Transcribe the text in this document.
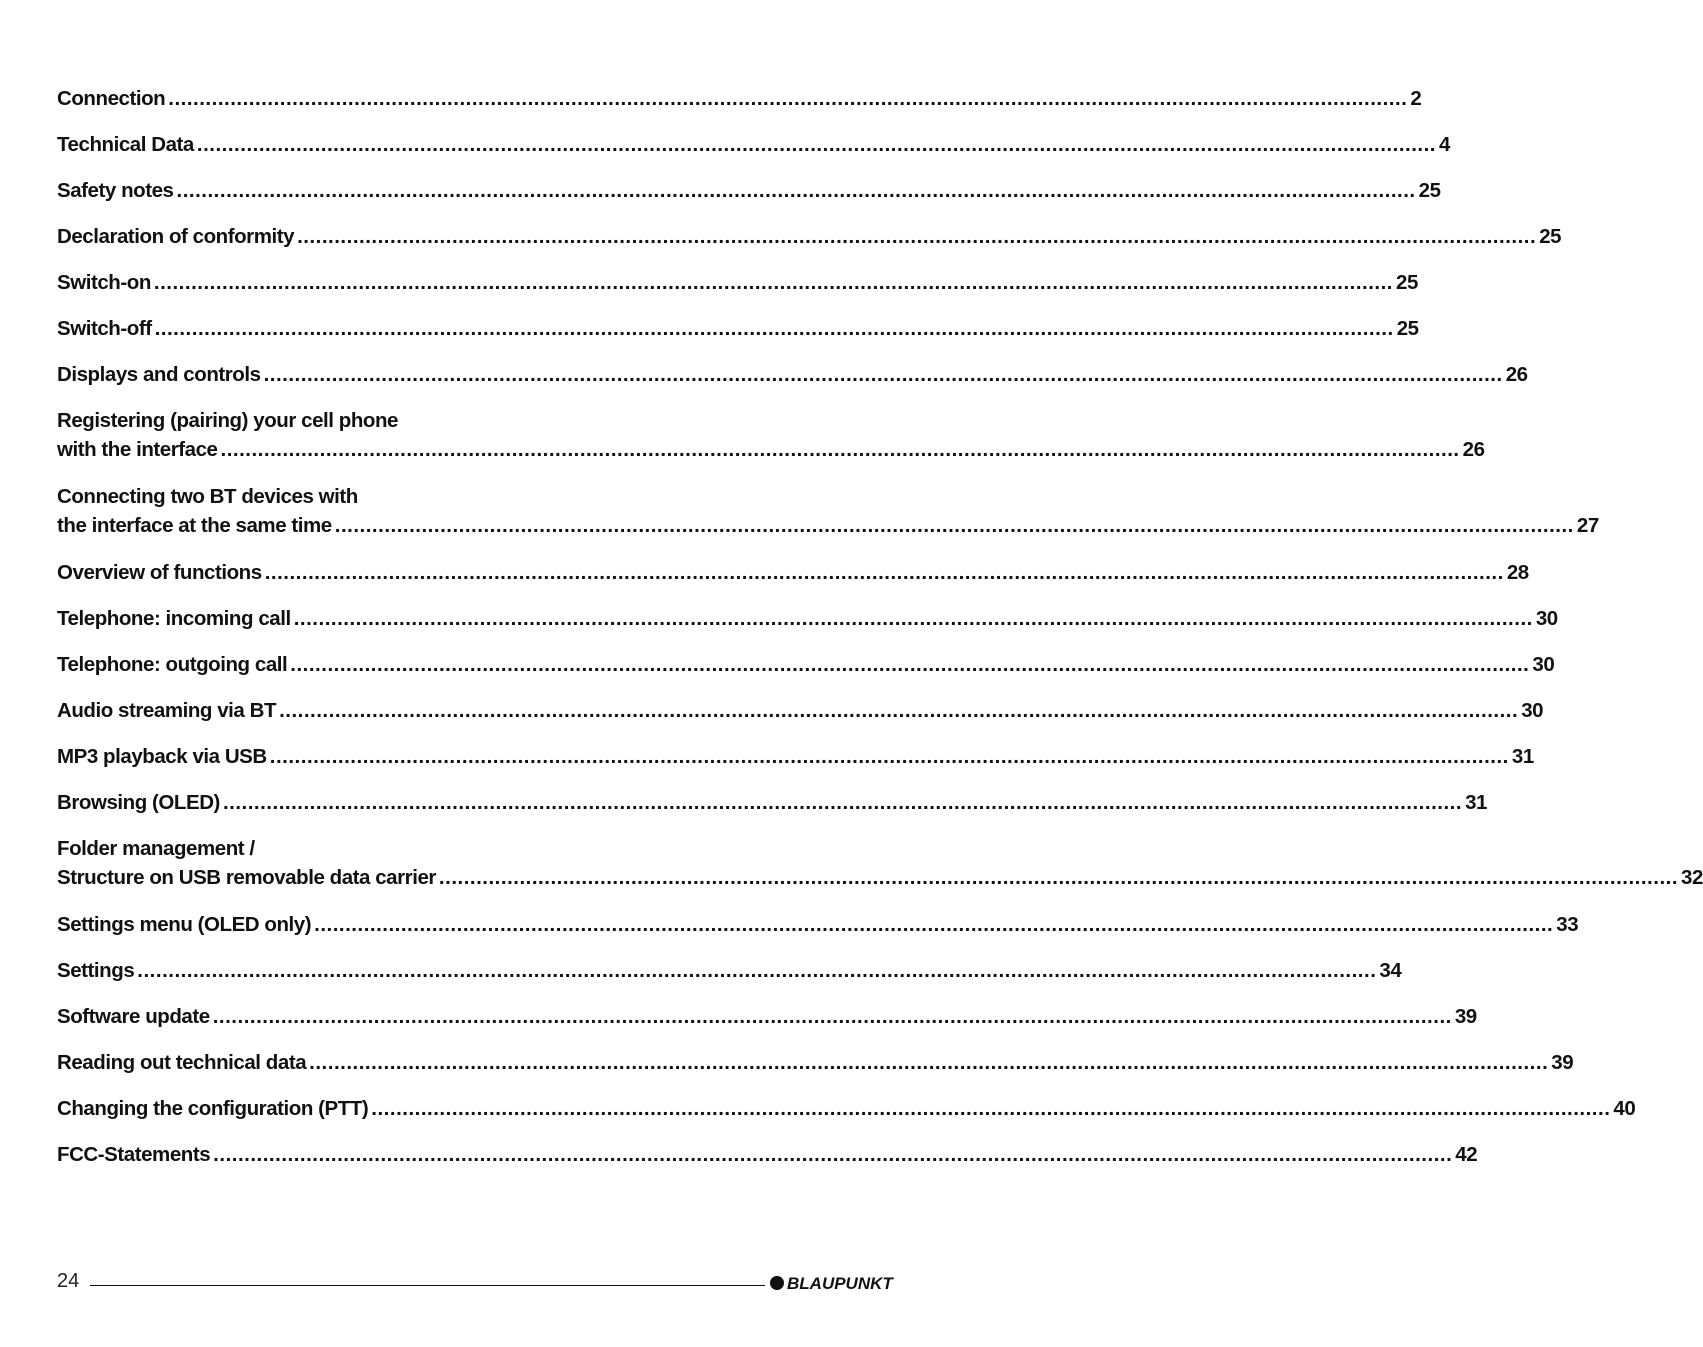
Connection ........................................................................................................................................................................................................ 2
Technical Data ........................................................................................................................................................................................................ 4
Safety notes ........................................................................................................................................................................................................ 25
Declaration of conformity ........................................................................................................................................................................................................ 25
Switch-on ........................................................................................................................................................................................................ 25
Switch-off ........................................................................................................................................................................................................ 25
Displays and controls ........................................................................................................................................................................................................ 26
Registering (pairing) your cell phone
with the interface ........................................................................................................................................................................................................ 26
Connecting two BT devices with
the interface at the same time ........................................................................................................................................................................................................ 27
Overview of functions ........................................................................................................................................................................................................ 28
Telephone: incoming call ........................................................................................................................................................................................................ 30
Telephone: outgoing call ........................................................................................................................................................................................................ 30
Audio streaming via BT ........................................................................................................................................................................................................ 30
MP3 playback via USB ........................................................................................................................................................................................................ 31
Browsing (OLED) ........................................................................................................................................................................................................ 31
Folder management /
Structure on USB removable data carrier ........................................................................................................................................................................................................ 32
Settings menu (OLED only) ........................................................................................................................................................................................................ 33
Settings ........................................................................................................................................................................................................ 34
Software update ........................................................................................................................................................................................................ 39
Reading out technical data ........................................................................................................................................................................................................ 39
Changing the configuration (PTT) ........................................................................................................................................................................................................ 40
FCC-Statements ........................................................................................................................................................................................................ 42
24	BLAUPUNKT
